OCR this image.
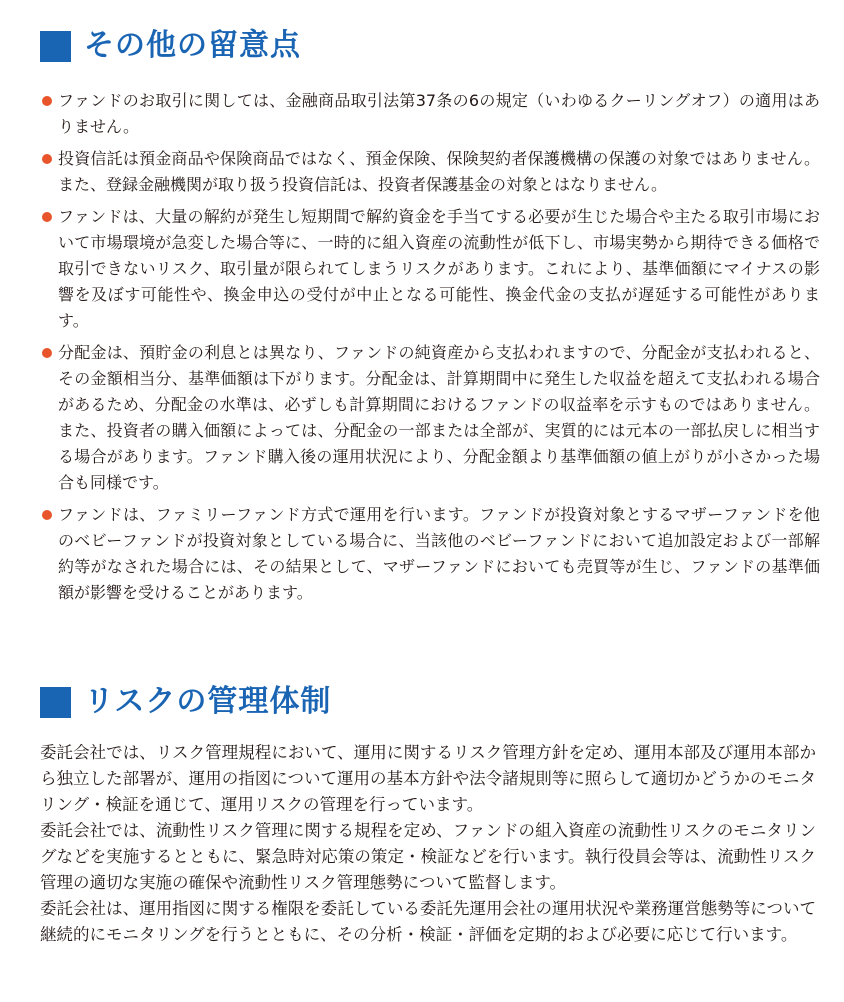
その他の留意点
ファンドのお取引に関しては、金融商品取引法第37条の6の規定（いわゆるクーリングオフ）の適用はありません。
投資信託は預金商品や保険商品ではなく、預金保険、保険契約者保護機構の保護の対象ではありません。また、登録金融機関が取り扱う投資信託は、投資者保護基金の対象とはなりません。
ファンドは、大量の解約が発生し短期間で解約資金を手当てする必要が生じた場合や主たる取引市場において市場環境が急変した場合等に、一時的に組入資産の流動性が低下し、市場実勢から期待できる価格で取引できないリスク、取引量が限られてしまうリスクがあります。これにより、基準価額にマイナスの影響を及ぼす可能性や、換金申込の受付が中止となる可能性、換金代金の支払が遅延する可能性があります。
分配金は、預貯金の利息とは異なり、ファンドの純資産から支払われますので、分配金が支払われると、その金額相当分、基準価額は下がります。分配金は、計算期間中に発生した収益を超えて支払われる場合があるため、分配金の水準は、必ずしも計算期間におけるファンドの収益率を示すものではありません。また、投資者の購入価額によっては、分配金の一部または全部が、実質的には元本の一部払戻しに相当する場合があります。ファンド購入後の運用状況により、分配金額より基準価額の値上がりが小さかった場合も同様です。
ファンドは、ファミリーファンド方式で運用を行います。ファンドが投資対象とするマザーファンドを他のベビーファンドが投資対象としている場合に、当該他のベビーファンドにおいて追加設定および一部解約等がなされた場合には、その結果として、マザーファンドにおいても売買等が生じ、ファンドの基準価額が影響を受けることがあります。
リスクの管理体制

委託会社では、リスク管理規程において、運用に関するリスク管理方針を定め、運用本部及び運用本部から独立した部署が、運用の指図について運用の基本方針や法令諸規則等に照らして適切かどうかのモニタリング・検証を通じて、運用リスクの管理を行っています。

委託会社では、流動性リスク管理に関する規程を定め、ファンドの組入資産の流動性リスクのモニタリングなどを実施するとともに、緊急時対応策の策定・検証などを行います。執行役員会等は、流動性リスク管理の適切な実施の確保や流動性リスク管理態勢について監督します。

委託会社は、運用指図に関する権限を委託している委託先運用会社の運用状況や業務運営態勢等について継続的にモニタリングを行うとともに、その分析・検証・評価を定期的および必要に応じて行います。
